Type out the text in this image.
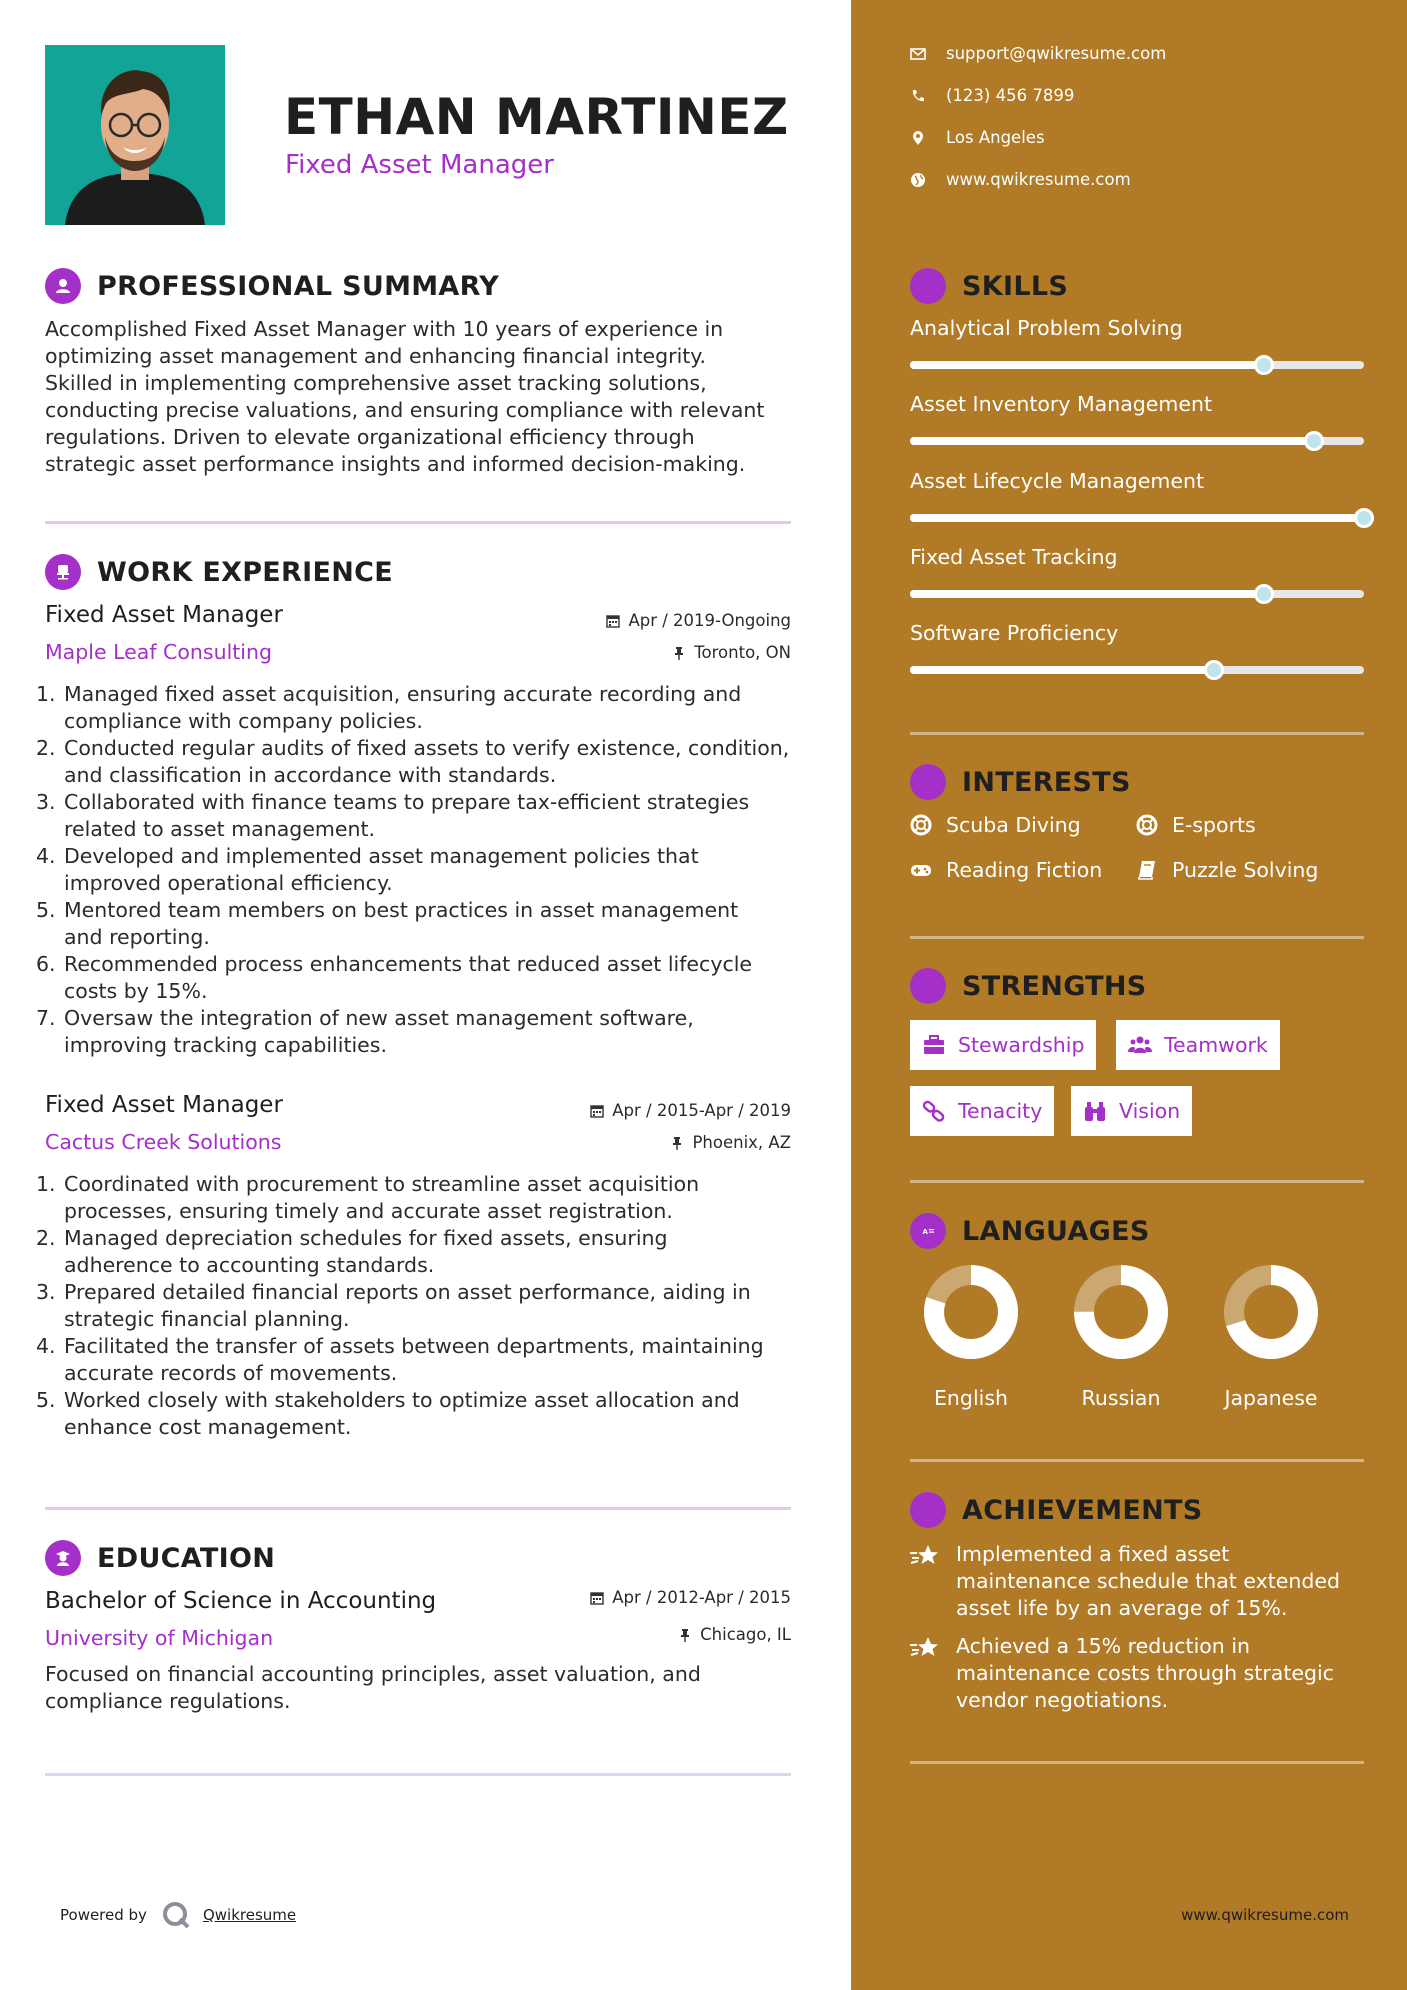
ETHAN MARTINEZ
Fixed Asset Manager
PROFESSIONAL SUMMARY
Accomplished Fixed Asset Manager with 10 years of experience in
optimizing asset management and enhancing financial integrity.
Skilled in implementing comprehensive asset tracking solutions,
conducting precise valuations, and ensuring compliance with relevant
regulations. Driven to elevate organizational efficiency through
strategic asset performance insights and informed decision-making.
WORK EXPERIENCE
Fixed Asset Manager	Apr / 2019-Ongoing
Maple Leaf Consulting	Toronto, ON
1. Managed fixed asset acquisition, ensuring accurate recording and
compliance with company policies.
2. Conducted regular audits of fixed assets to verify existence, condition,
and classification in accordance with standards.
3. Collaborated with finance teams to prepare tax-efficient strategies
related to asset management.
4. Developed and implemented asset management policies that
improved operational efficiency.
5. Mentored team members on best practices in asset management
and reporting.
6. Recommended process enhancements that reduced asset lifecycle
costs by 15%.
7. Oversaw the integration of new asset management software,
improving tracking capabilities.
Fixed Asset Manager	Apr / 2015-Apr / 2019
Cactus Creek Solutions	Phoenix, AZ
1. Coordinated with procurement to streamline asset acquisition
processes, ensuring timely and accurate asset registration.
2. Managed depreciation schedules for fixed assets, ensuring
adherence to accounting standards.
3. Prepared detailed financial reports on asset performance, aiding in
strategic financial planning.
4. Facilitated the transfer of assets between departments, maintaining
accurate records of movements.
5. Worked closely with stakeholders to optimize asset allocation and
enhance cost management.
EDUCATION
Bachelor of Science in Accounting	Apr / 2012-Apr / 2015
University of Michigan	Chicago, IL
Focused on financial accounting principles, asset valuation, and
compliance regulations.
Powered by	Qwikresume
support@qwikresume.com
(123) 456 7899
Los Angeles
www.qwikresume.com
SKILLS
Analytical Problem Solving
Asset Inventory Management
Asset Lifecycle Management
Fixed Asset Tracking
Software Proficiency
INTERESTS
Scuba Diving	E-sports
Reading Fiction	Puzzle Solving
STRENGTHS
Stewardship	Teamwork
Tenacity	Vision
A LANGUAGES
English	Russian	Japanese
ACHIEVEMENTS
Implemented a fixed asset
maintenance schedule that extended
asset life by an average of 15%.
Achieved a 15% reduction in
maintenance costs through strategic
vendor negotiations.
www.qwikresume.com
